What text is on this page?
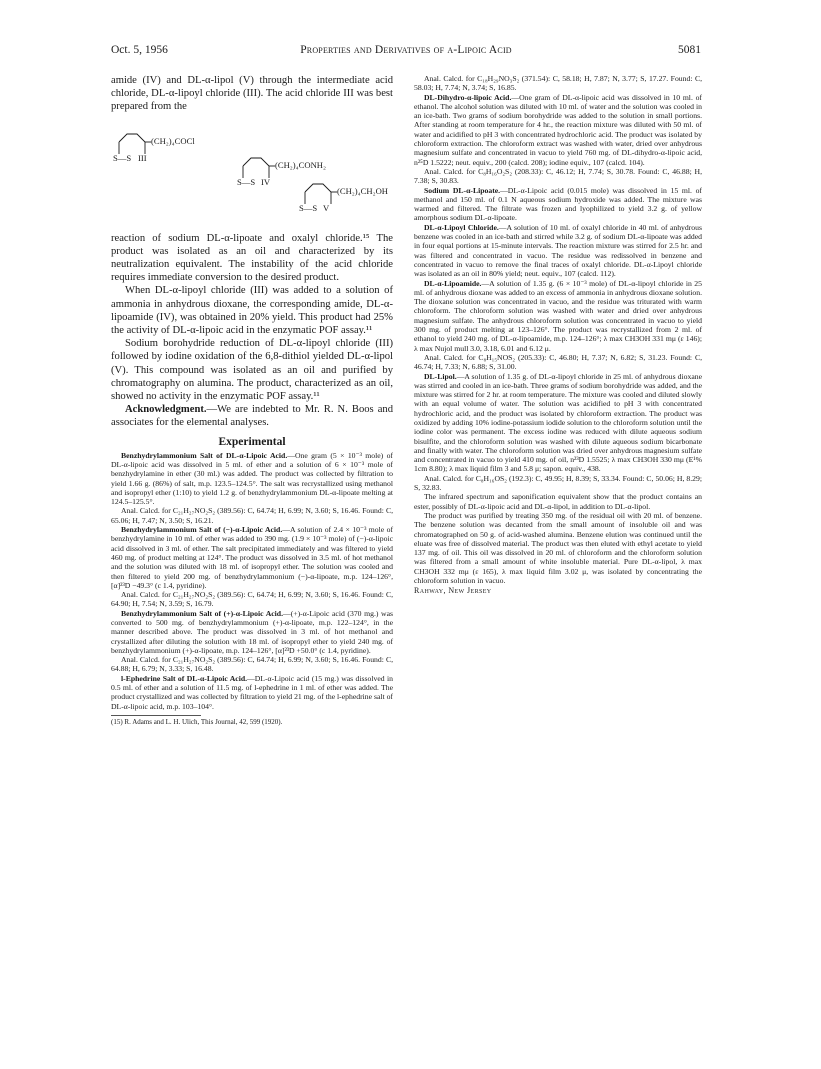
Oct. 5, 1956	Properties and Derivatives of α-Lipoic Acid	5081

amide (IV) and DL-α-lipol (V) through the intermediate acid chloride, DL-α-lipoyl chloride (III). The acid chloride III was best prepared from the

(CH₂)₄COCl
S—S III
(CH₂)₄CONH₂
S—S IV
(CH₂)₄CH₂OH
S—S V

reaction of sodium DL-α-lipoate and oxalyl chloride.¹⁵ The product was isolated as an oil and characterized by its neutralization equivalent. The instability of the acid chloride requires immediate conversion to the desired product.

When DL-α-lipoyl chloride (III) was added to a solution of ammonia in anhydrous dioxane, the corresponding amide, DL-α-lipoamide (IV), was obtained in 20% yield. This product had 25% the activity of DL-α-lipoic acid in the enzymatic POF assay.¹¹

Sodium borohydride reduction of DL-α-lipoyl chloride (III) followed by iodine oxidation of the 6,8-dithiol yielded DL-α-lipol (V). This compound was isolated as an oil and purified by chromatography on alumina. The product, characterized as an oil, showed no activity in the enzymatic POF assay.¹¹

Acknowledgment.—We are indebted to Mr. R. N. Boos and associates for the elemental analyses.

Experimental

Benzhydrylammonium Salt of DL-α-Lipoic Acid.—One gram (5 × 10⁻³ mole) of DL-α-lipoic acid was dissolved in 5 ml. of ether and a solution of 6 × 10⁻³ mole of benzhydrylamine in ether (30 ml.) was added. The product was collected by filtration to yield 1.66 g. (86%) of salt, m.p. 123.5–124.5°. The salt was recrystallized using methanol and isopropyl ether (1:10) to yield 1.2 g. of benzhydrylammonium DL-α-lipoate melting at 124.5–125.5°.

Anal. Calcd. for C₂₁H₂₇NO₂S₂ (389.56): C, 64.74; H, 6.99; N, 3.60; S, 16.46. Found: C, 65.06; H, 7.47; N, 3.50; S, 16.21.

Benzhydrylammonium Salt of (−)-α-Lipoic Acid.—A solution of 2.4 × 10⁻³ mole of benzhydrylamine in 10 ml. of ether was added to 390 mg. (1.9 × 10⁻³ mole) of (−)-α-lipoic acid dissolved in 3 ml. of ether. The salt precipitated immediately and was filtered to yield 460 mg. of product melting at 124°. The product was dissolved in 3.5 ml. of hot methanol and the solution was diluted with 18 ml. of isopropyl ether. The solution was cooled and then filtered to yield 200 mg. of benzhydrylammonium (−)-α-lipoate, m.p. 124–126°, [α]²³D −49.3° (c 1.4, pyridine).

Anal. Calcd. for C₂₁H₂₇NO₂S₂ (389.56): C, 64.74; H, 6.99; N, 3.60; S, 16.46. Found: C, 64.90; H, 7.54; N, 3.59; S, 16.79.

Benzhydrylammonium Salt of (+)-α-Lipoic Acid.—(+)-α-Lipoic acid (370 mg.) was converted to 500 mg. of benzhydrylammonium (+)-α-lipoate, m.p. 122–124°, in the manner described above. The product was dissolved in 3 ml. of hot methanol and crystallized after diluting the solution with 18 ml. of isopropyl ether to yield 240 mg. of benzhydrylammonium (+)-α-lipoate, m.p. 124–126°, [α]²³D +50.0° (c 1.4, pyridine).

Anal. Calcd. for C₂₁H₂₇NO₂S₂ (389.56): C, 64.74; H, 6.99; N, 3.60; S, 16.46. Found: C, 64.88; H, 6.79; N, 3.33; S, 16.48.

l-Ephedrine Salt of DL-α-Lipoic Acid.—DL-α-Lipoic acid (15 mg.) was dissolved in 0.5 ml. of ether and a solution of 11.5 mg. of l-ephedrine in 1 ml. of ether was added. The product crystallized and was collected by filtration to yield 21 mg. of the l-ephedrine salt of DL-α-lipoic acid, m.p. 103–104°.

(15) R. Adams and L. H. Ulich, This Journal, 42, 599 (1920).

Anal. Calcd. for C₁₈H₂₉NO₃S₂ (371.54): C, 58.18; H, 7.87; N, 3.77; S, 17.27. Found: C, 58.03; H, 7.74; N, 3.74; S, 16.85.

DL-Dihydro-α-lipoic Acid.—One gram of DL-α-lipoic acid was dissolved in 10 ml. of ethanol. The alcohol solution was diluted with 10 ml. of water and the solution was cooled in an ice-bath. Two grams of sodium borohydride was added to the solution in small portions. After standing at room temperature for 4 hr., the reaction mixture was diluted with 50 ml. of water and acidified to pH 3 with concentrated hydrochloric acid. The product was isolated by chloroform extraction. The chloroform extract was washed with water, dried over anhydrous magnesium sulfate and concentrated in vacuo to yield 760 mg. of DL-dihydro-α-lipoic acid, n²⁵D 1.5222; neut. equiv., 200 (calcd. 208); iodine equiv., 107 (calcd. 104).

Anal. Calcd. for C₈H₁₆O₂S₂ (208.33): C, 46.12; H, 7.74; S, 30.78. Found: C, 46.88; H, 7.38; S, 30.83.

Sodium DL-α-Lipoate.—DL-α-Lipoic acid (0.015 mole) was dissolved in 15 ml. of methanol and 150 ml. of 0.1 N aqueous sodium hydroxide was added. The mixture was warmed and filtered. The filtrate was frozen and lyophilized to yield 3.2 g. of yellow amorphous sodium DL-α-lipoate.

DL-α-Lipoyl Chloride.—A solution of 10 ml. of oxalyl chloride in 40 ml. of anhydrous benzene was cooled in an ice-bath and stirred while 3.2 g. of sodium DL-α-lipoate was added in four equal portions at 15-minute intervals. The reaction mixture was stirred for 2.5 hr. and was filtered and concentrated in vacuo. The residue was redissolved in benzene and concentrated in vacuo to remove the final traces of oxalyl chloride. DL-α-Lipoyl chloride was isolated as an oil in 80% yield; neut. equiv., 107 (calcd. 112).

DL-α-Lipoamide.—A solution of 1.35 g. (6 × 10⁻³ mole) of DL-α-lipoyl chloride in 25 ml. of anhydrous dioxane was added to an excess of ammonia in anhydrous dioxane solution. The dioxane solution was concentrated in vacuo, and the residue was triturated with warm chloroform. The chloroform solution was washed with water and dried over anhydrous magnesium sulfate. The anhydrous chloroform solution was concentrated in vacuo to yield 300 mg. of product melting at 123–126°. The product was recrystallized from 2 ml. of ethanol to yield 240 mg. of DL-α-lipoamide, m.p. 124–126°; λ max CH3OH 331 mμ (ε 146); λ max Nujol mull 3.0, 3.18, 6.01 and 6.12 μ.

Anal. Calcd. for C₈H₁₅NOS₂ (205.33): C, 46.80; H, 7.37; N, 6.82; S, 31.23. Found: C, 46.74; H, 7.33; N, 6.88; S, 31.00.

DL-Lipol.—A solution of 1.35 g. of DL-α-lipoyl chloride in 25 ml. of anhydrous dioxane was stirred and cooled in an ice-bath. Three grams of sodium borohydride was added, and the mixture was stirred for 2 hr. at room temperature. The mixture was cooled and diluted slowly with an equal volume of water. The solution was acidified to pH 3 with concentrated hydrochloric acid, and the product was isolated by chloroform extraction. The product was oxidized by adding 10% iodine-potassium iodide solution to the chloroform solution until the iodine color was permanent. The excess iodine was reduced with dilute aqueous sodium bisulfite, and the chloroform solution was washed with dilute aqueous sodium bicarbonate and finally with water. The chloroform solution was dried over anhydrous magnesium sulfate and concentrated in vacuo to yield 410 mg. of oil, n²³D 1.5525; λ max CH3OH 330 mμ (E¹% 1cm 8.80); λ max liquid film 3 and 5.8 μ; sapon. equiv., 438.

Anal. Calcd. for C₈H₁₆OS₂ (192.3): C, 49.95; H, 8.39; S, 33.34. Found: C, 50.06; H, 8.29; S, 32.83.

The infrared spectrum and saponification equivalent show that the product contains an ester, possibly of DL-α-lipoic acid and DL-α-lipol, in addition to DL-α-lipol.

The product was purified by treating 350 mg. of the residual oil with 20 ml. of benzene. The benzene solution was decanted from the small amount of insoluble oil and was chromatographed on 50 g. of acid-washed alumina. Benzene elution was continued until the eluate was free of dissolved material. The product was then eluted with ethyl acetate to yield 137 mg. of oil. This oil was dissolved in 20 ml. of chloroform and the chloroform solution was filtered from a small amount of white insoluble material. Pure DL-α-lipol, λ max CH3OH 332 mμ (ε 165), λ max liquid film 3.02 μ, was isolated by concentrating the chloroform solution in vacuo.

Rahway, New Jersey
